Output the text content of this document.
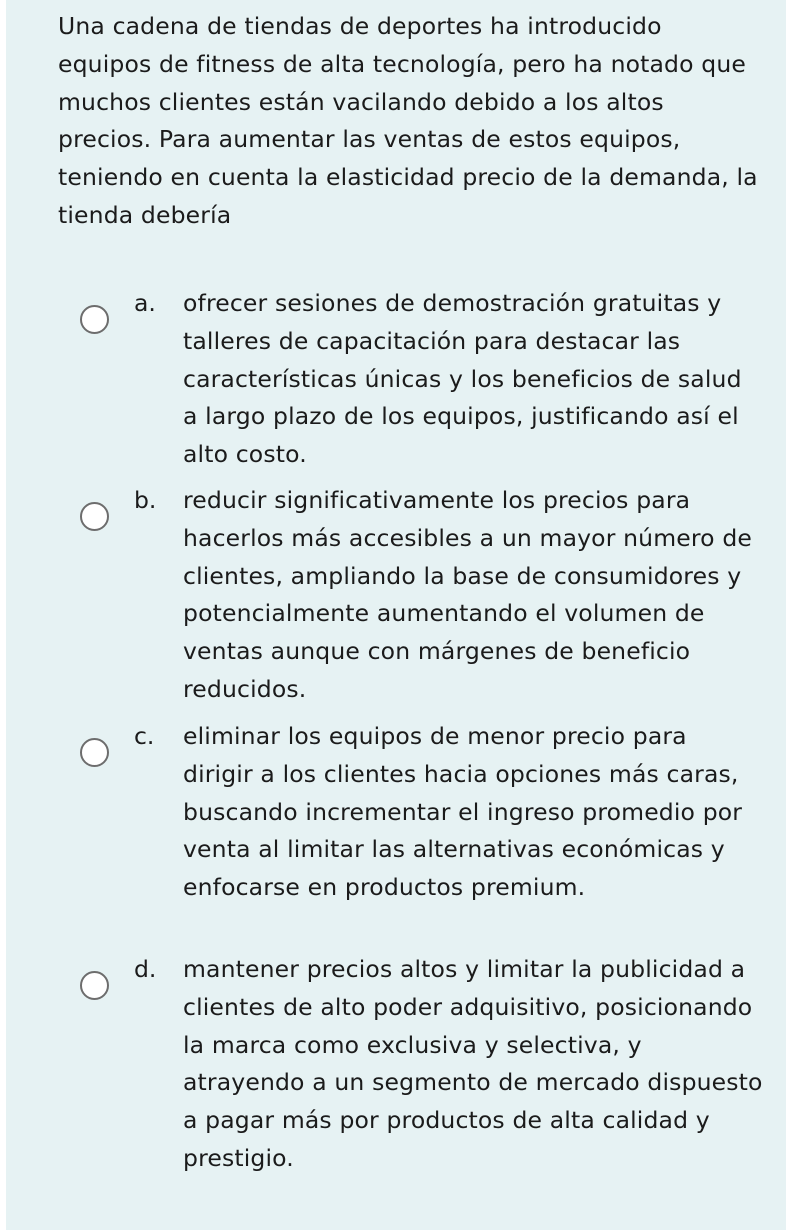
Una cadena de tiendas de deportes ha introducido equipos de fitness de alta tecnología, pero ha notado que muchos clientes están vacilando debido a los altos precios. Para aumentar las ventas de estos equipos, teniendo en cuenta la elasticidad precio de la demanda, la tienda debería

a. ofrecer sesiones de demostración gratuitas y talleres de capacitación para destacar las características únicas y los beneficios de salud a largo plazo de los equipos, justificando así el alto costo.
b. reducir significativamente los precios para hacerlos más accesibles a un mayor número de clientes, ampliando la base de consumidores y potencialmente aumentando el volumen de ventas aunque con márgenes de beneficio reducidos.
c. eliminar los equipos de menor precio para dirigir a los clientes hacia opciones más caras, buscando incrementar el ingreso promedio por venta al limitar las alternativas económicas y enfocarse en productos premium.
d. mantener precios altos y limitar la publicidad a clientes de alto poder adquisitivo, posicionando la marca como exclusiva y selectiva, y atrayendo a un segmento de mercado dispuesto a pagar más por productos de alta calidad y prestigio.
